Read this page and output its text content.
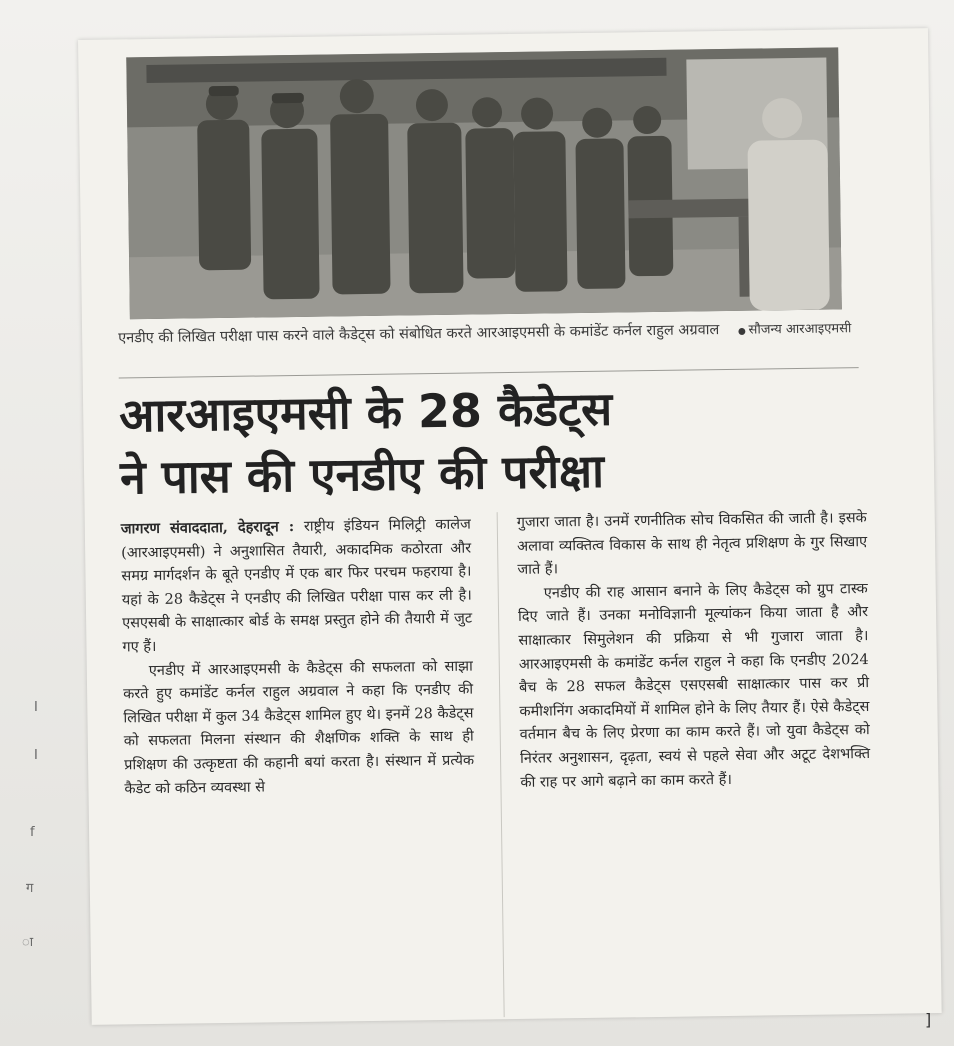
एनडीए की लिखित परीक्षा पास करने वाले कैडेट्स को संबोधित करते आरआइएमसी के कमांडेंट कर्नल राहुल अग्रवाल ● सौजन्य आरआइएमसी
आरआइएमसी के 28 कैडेट्स
ने पास की एनडीए की परीक्षा

जागरण संवाददाता, देहरादून : राष्ट्रीय इंडियन मिलिट्री कालेज (आरआइएमसी) ने अनुशासित तैयारी, अकादमिक कठोरता और समग्र मार्गदर्शन के बूते एनडीए में एक बार फिर परचम फहराया है। यहां के 28 कैडेट्स ने एनडीए की लिखित परीक्षा पास कर ली है। एसएसबी के साक्षात्कार बोर्ड के समक्ष प्रस्तुत होने की तैयारी में जुट गए हैं।

एनडीए में आरआइएमसी के कैडेट्स की सफलता को साझा करते हुए कमांडेंट कर्नल राहुल अग्रवाल ने कहा कि एनडीए की लिखित परीक्षा में कुल 34 कैडेट्स शामिल हुए थे। इनमें 28 कैडेट्स को सफलता मिलना संस्थान की शैक्षणिक शक्ति के साथ ही प्रशिक्षण की उत्कृष्टता की कहानी बयां करता है। संस्थान में प्रत्येक कैडेट को कठिन व्यवस्था से

गुजारा जाता है। उनमें रणनीतिक सोच विकसित की जाती है। इसके अलावा व्यक्तित्व विकास के साथ ही नेतृत्व प्रशिक्षण के गुर सिखाए जाते हैं।

एनडीए की राह आसान बनाने के लिए कैडेट्स को ग्रुप टास्क दिए जाते हैं। उनका मनोविज्ञानी मूल्यांकन किया जाता है और साक्षात्कार सिमुलेशन की प्रक्रिया से भी गुजारा जाता है। आरआइएमसी के कमांडेंट कर्नल राहुल ने कहा कि एनडीए 2024 बैच के 28 सफल कैडेट्स एसएसबी साक्षात्कार पास कर प्री कमीशनिंग अकादमियों में शामिल होने के लिए तैयार हैं। ऐसे कैडेट्स वर्तमान बैच के लिए प्रेरणा का काम करते हैं। जो युवा कैडेट्स को निरंतर अनुशासन, दृढ़ता, स्वयं से पहले सेवा और अटूट देशभक्ति की राह पर आगे बढ़ाने का काम करते हैं।

I
I
f
ग
ा
]
